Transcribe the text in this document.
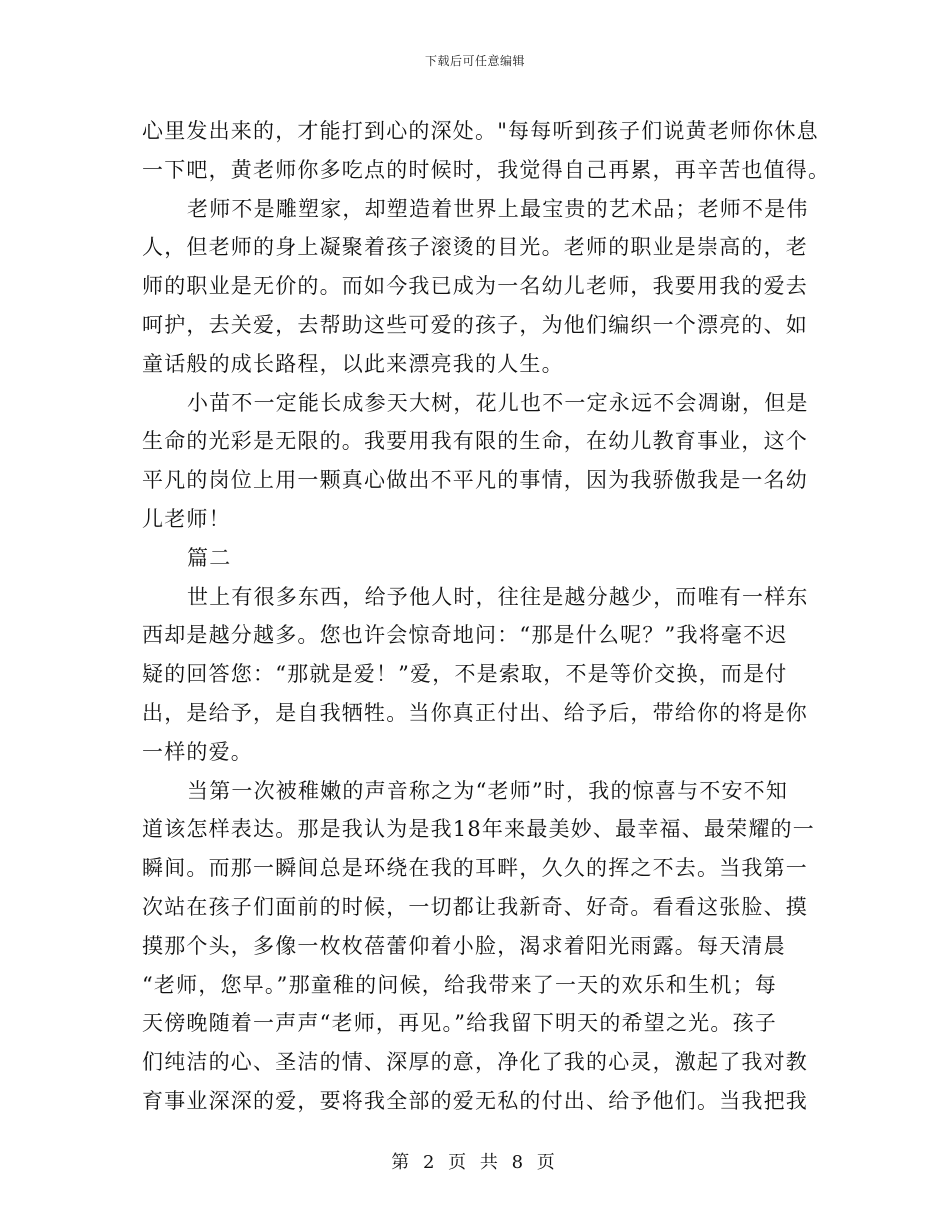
下载后可任意编辑
心里发出来的，才能打到心的深处。"每每听到孩子们说黄老师你休息
一下吧，黄老师你多吃点的时候时，我觉得自己再累，再辛苦也值得。
老师不是雕塑家，却塑造着世界上最宝贵的艺术品；老师不是伟
人，但老师的身上凝聚着孩子滚烫的目光。老师的职业是崇高的，老
师的职业是无价的。而如今我已成为一名幼儿老师，我要用我的爱去
呵护，去关爱，去帮助这些可爱的孩子，为他们编织一个漂亮的、如
童话般的成长路程，以此来漂亮我的人生。
小苗不一定能长成参天大树，花儿也不一定永远不会凋谢，但是
生命的光彩是无限的。我要用我有限的生命，在幼儿教育事业，这个
平凡的岗位上用一颗真心做出不平凡的事情，因为我骄傲我是一名幼
儿老师！
篇二
世上有很多东西，给予他人时，往往是越分越少，而唯有一样东
西却是越分越多。您也许会惊奇地问：“那是什么呢？”我将毫不迟
疑的回答您：“那就是爱！”爱，不是索取，不是等价交换，而是付
出，是给予，是自我牺牲。当你真正付出、给予后，带给你的将是你
一样的爱。
当第一次被稚嫩的声音称之为“老师”时，我的惊喜与不安不知
道该怎样表达。那是我认为是我18年来最美妙、最幸福、最荣耀的一
瞬间。而那一瞬间总是环绕在我的耳畔，久久的挥之不去。当我第一
次站在孩子们面前的时候，一切都让我新奇、好奇。看看这张脸、摸
摸那个头，多像一枚枚蓓蕾仰着小脸，渴求着阳光雨露。每天清晨
“老师，您早。”那童稚的问候，给我带来了一天的欢乐和生机；每
天傍晚随着一声声“老师，再见。”给我留下明天的希望之光。孩子
们纯洁的心、圣洁的情、深厚的意，净化了我的心灵，激起了我对教
育事业深深的爱，要将我全部的爱无私的付出、给予他们。当我把我
第 2 页 共 8 页
